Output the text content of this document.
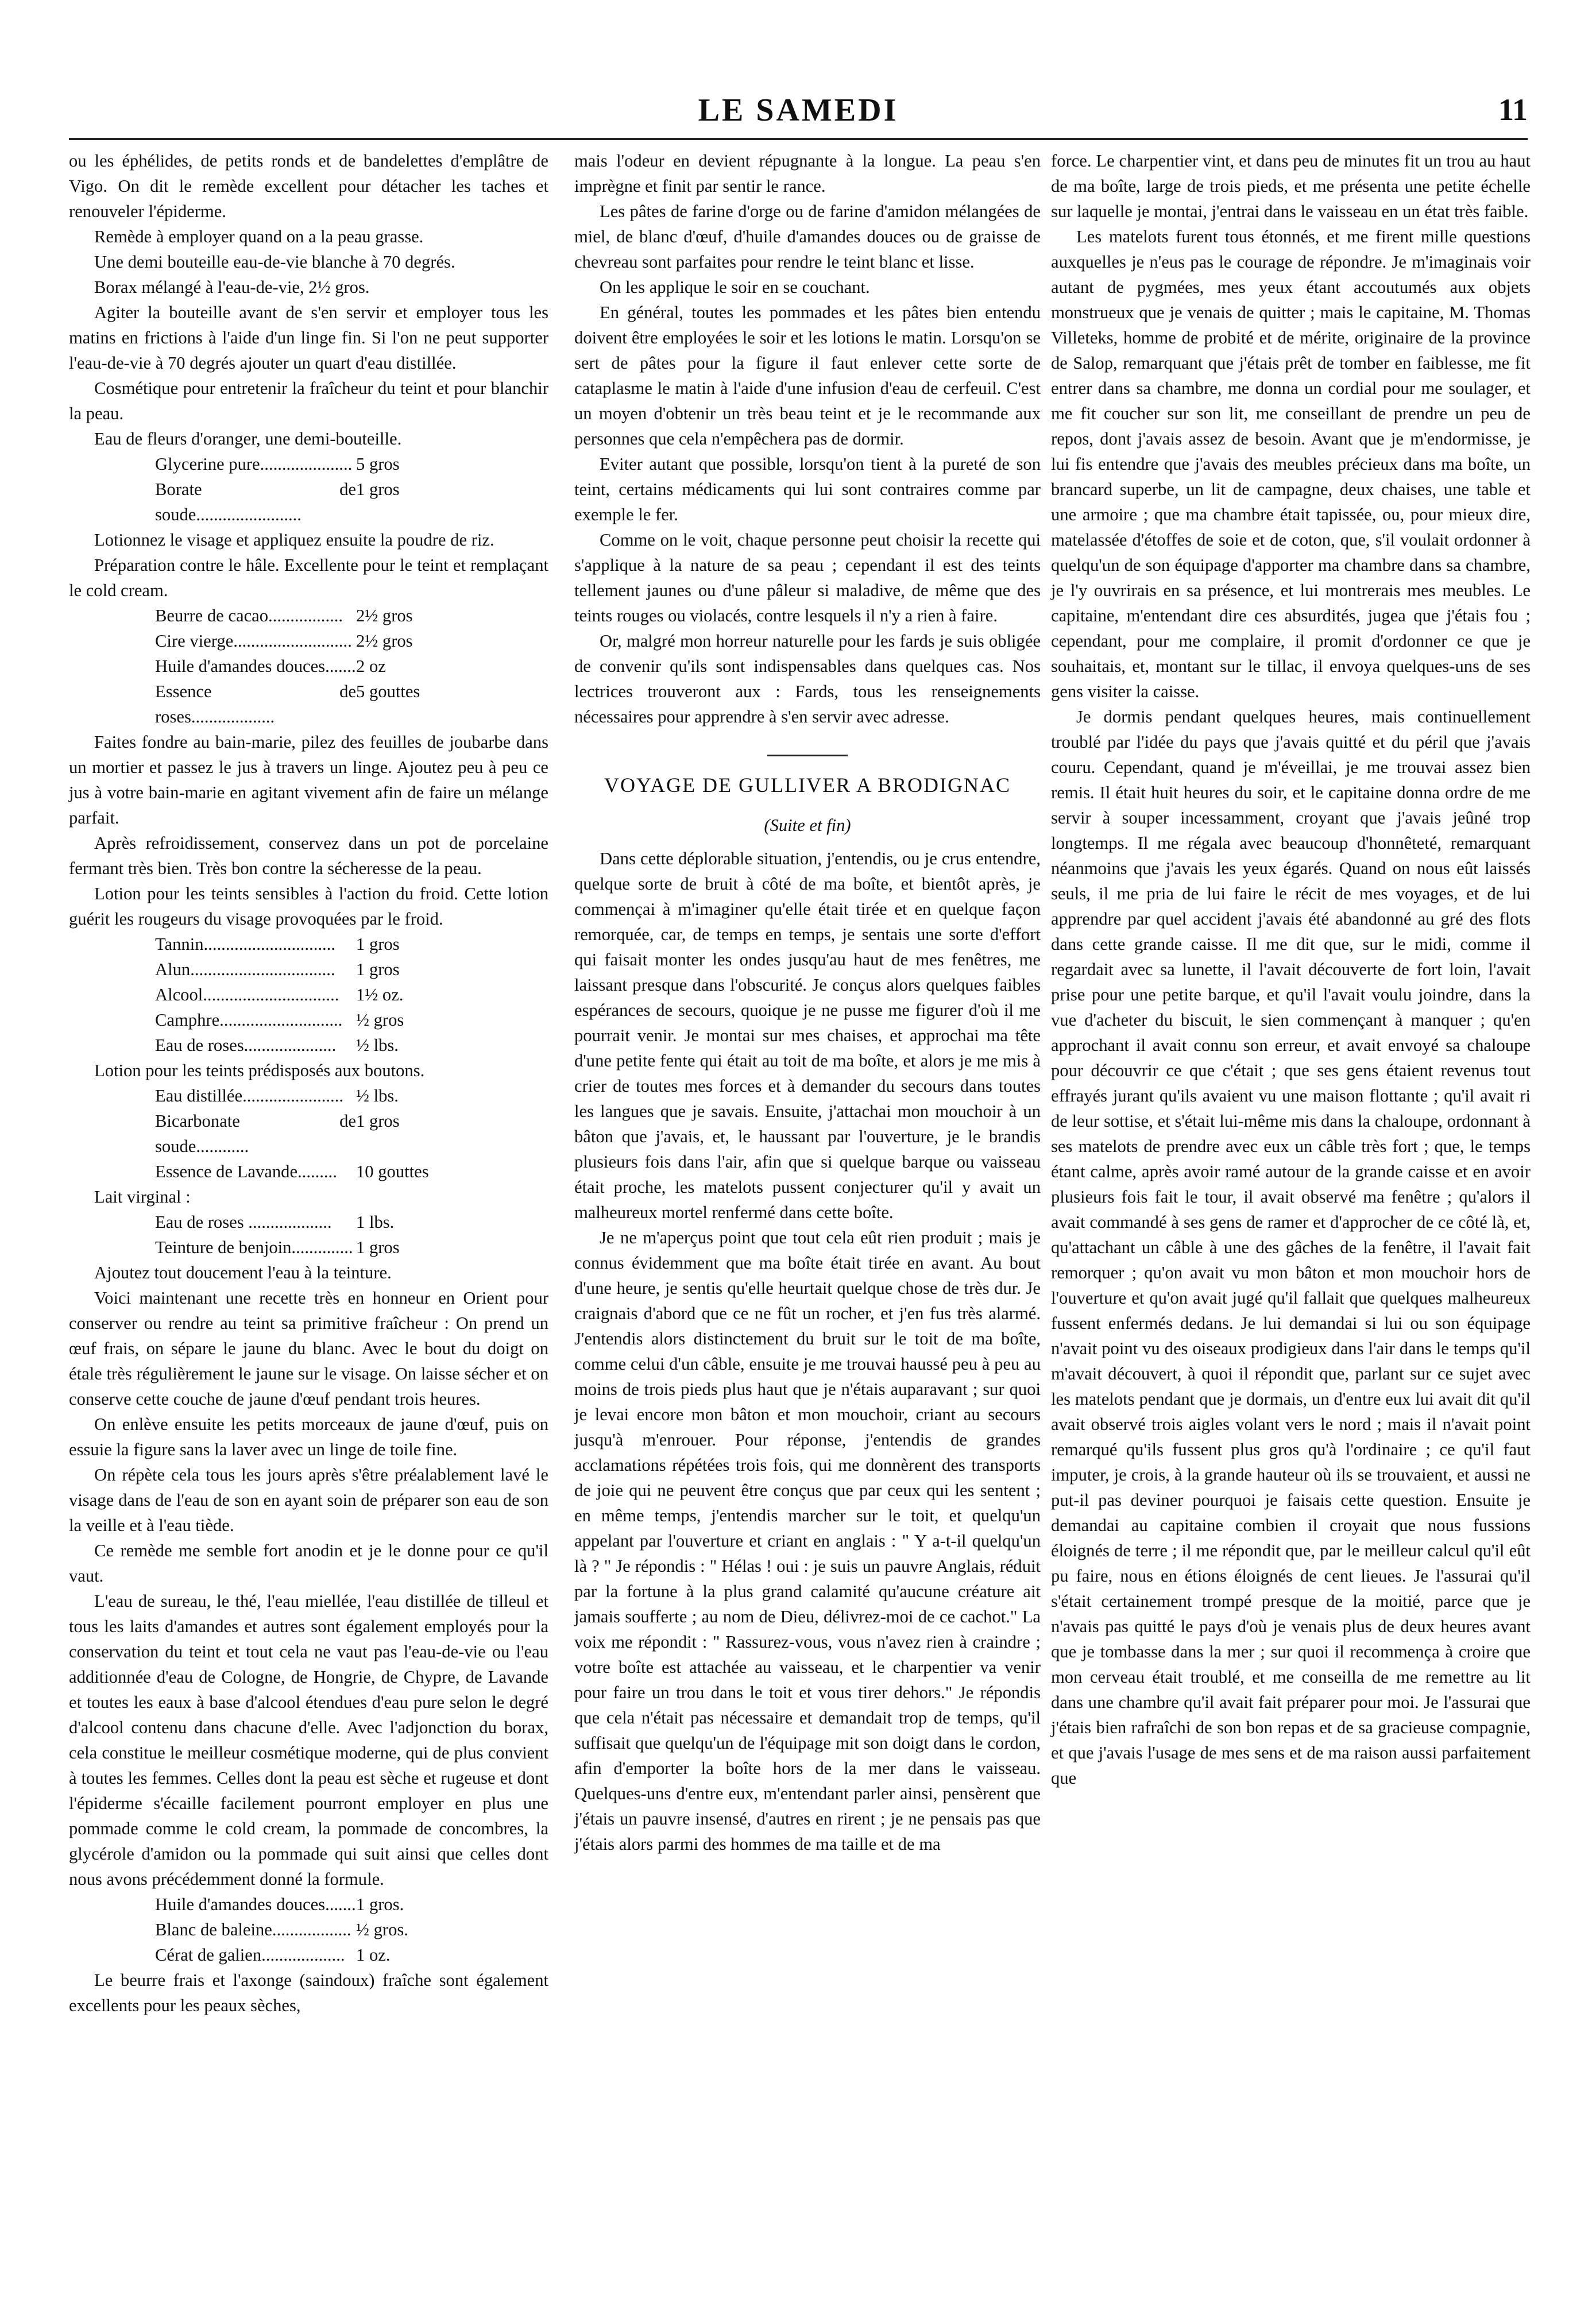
LE SAMEDI	11

ou les éphélides, de petits ronds et de bandelettes d'emplâtre de Vigo. On dit le remède excellent pour détacher les taches et renouveler l'épiderme.

Remède à employer quand on a la peau grasse.

Une demi bouteille eau-de-vie blanche à 70 degrés.

Borax mélangé à l'eau-de-vie, 2½ gros.

Agiter la bouteille avant de s'en servir et employer tous les matins en frictions à l'aide d'un linge fin. Si l'on ne peut supporter l'eau-de-vie à 70 degrés ajouter un quart d'eau distillée.

Cosmétique pour entretenir la fraîcheur du teint et pour blanchir la peau.

Eau de fleurs d'oranger, une demi-bouteille.

Glycerine pure..................... 5 gros
Borate de soude........................
1 gros

Lotionnez le visage et appliquez ensuite la poudre de riz.

Préparation contre le hâle. Excellente pour le teint et remplaçant le cold cream.

Beurre de cacao................. 2½ gros
Cire vierge........................... 2½ gros
Huile d'amandes douces....... 2 oz
Essence de roses...................
5 gouttes

Faites fondre au bain-marie, pilez des feuilles de joubarbe dans un mortier et passez le jus à travers un linge. Ajoutez peu à peu ce jus à votre bain-marie en agitant vivement afin de faire un mélange parfait.

Après refroidissement, conservez dans un pot de porcelaine fermant très bien. Très bon contre la sécheresse de la peau.

Lotion pour les teints sensibles à l'action du froid. Cette lotion guérit les rougeurs du visage provoquées par le froid.

Tannin.............................. 1 gros
Alun................................. 1 gros
Alcool............................... 1½ oz.
Camphre............................ ½ gros
Eau de roses..................... ½ lbs.

Lotion pour les teints prédisposés aux boutons.

Eau distillée....................... ½ lbs.
Bicarbonate de soude............
1 gros
Essence de Lavande......... 10 gouttes

Lait virginal :

Eau de roses ................... 1 lbs.
Teinture de benjoin.............. 1 gros

Ajoutez tout doucement l'eau à la teinture.

Voici maintenant une recette très en honneur en Orient pour conserver ou rendre au teint sa primitive fraîcheur : On prend un œuf frais, on sépare le jaune du blanc. Avec le bout du doigt on étale très régulièrement le jaune sur le visage. On laisse sécher et on conserve cette couche de jaune d'œuf pendant trois heures.

On enlève ensuite les petits morceaux de jaune d'œuf, puis on essuie la figure sans la laver avec un linge de toile fine.

On répète cela tous les jours après s'être préalablement lavé le visage dans de l'eau de son en ayant soin de préparer son eau de son la veille et à l'eau tiède.

Ce remède me semble fort anodin et je le donne pour ce qu'il vaut.

L'eau de sureau, le thé, l'eau miellée, l'eau distillée de tilleul et tous les laits d'amandes et autres sont également employés pour la conservation du teint et tout cela ne vaut pas l'eau-de-vie ou l'eau additionnée d'eau de Cologne, de Hongrie, de Chypre, de Lavande et toutes les eaux à base d'alcool étendues d'eau pure selon le degré d'alcool contenu dans chacune d'elle. Avec l'adjonction du borax, cela constitue le meilleur cosmétique moderne, qui de plus convient à toutes les femmes. Celles dont la peau est sèche et rugeuse et dont l'épiderme s'écaille facilement pourront employer en plus une pommade comme le cold cream, la pommade de concombres, la glycérole d'amidon ou la pommade qui suit ainsi que celles dont nous avons précédemment donné la formule.

Huile d'amandes douces....... 1 gros.
Blanc de baleine.................. ½ gros.
Cérat de galien................... 1 oz.

Le beurre frais et l'axonge (saindoux) fraîche sont également excellents pour les peaux sèches,

mais l'odeur en devient répugnante à la longue. La peau s'en imprègne et finit par sentir le rance.

Les pâtes de farine d'orge ou de farine d'amidon mélangées de miel, de blanc d'œuf, d'huile d'amandes douces ou de graisse de chevreau sont parfaites pour rendre le teint blanc et lisse.

On les applique le soir en se couchant.

En général, toutes les pommades et les pâtes bien entendu doivent être employées le soir et les lotions le matin. Lorsqu'on se sert de pâtes pour la figure il faut enlever cette sorte de cataplasme le matin à l'aide d'une infusion d'eau de cerfeuil. C'est un moyen d'obtenir un très beau teint et je le recommande aux personnes que cela n'empêchera pas de dormir.

Eviter autant que possible, lorsqu'on tient à la pureté de son teint, certains médicaments qui lui sont contraires comme par exemple le fer.

Comme on le voit, chaque personne peut choisir la recette qui s'applique à la nature de sa peau ; cependant il est des teints tellement jaunes ou d'une pâleur si maladive, de même que des teints rouges ou violacés, contre lesquels il n'y a rien à faire.

Or, malgré mon horreur naturelle pour les fards je suis obligée de convenir qu'ils sont indispensables dans quelques cas. Nos lectrices trouveront aux : Fards, tous les renseignements nécessaires pour apprendre à s'en servir avec adresse.

VOYAGE DE GULLIVER A BRODIGNAC
(Suite et fin)

Dans cette déplorable situation, j'entendis, ou je crus entendre, quelque sorte de bruit à côté de ma boîte, et bientôt après, je commençai à m'imaginer qu'elle était tirée et en quelque façon remorquée, car, de temps en temps, je sentais une sorte d'effort qui faisait monter les ondes jusqu'au haut de mes fenêtres, me laissant presque dans l'obscurité. Je conçus alors quelques faibles espérances de secours, quoique je ne pusse me figurer d'où il me pourrait venir. Je montai sur mes chaises, et approchai ma tête d'une petite fente qui était au toit de ma boîte, et alors je me mis à crier de toutes mes forces et à demander du secours dans toutes les langues que je savais. Ensuite, j'attachai mon mouchoir à un bâton que j'avais, et, le haussant par l'ouverture, je le brandis plusieurs fois dans l'air, afin que si quelque barque ou vaisseau était proche, les matelots pussent conjecturer qu'il y avait un malheureux mortel renfermé dans cette boîte.

Je ne m'aperçus point que tout cela eût rien produit ; mais je connus évidemment que ma boîte était tirée en avant. Au bout d'une heure, je sentis qu'elle heurtait quelque chose de très dur. Je craignais d'abord que ce ne fût un rocher, et j'en fus très alarmé. J'entendis alors distinctement du bruit sur le toit de ma boîte, comme celui d'un câble, ensuite je me trouvai haussé peu à peu au moins de trois pieds plus haut que je n'étais auparavant ; sur quoi je levai encore mon bâton et mon mouchoir, criant au secours jusqu'à m'enrouer. Pour réponse, j'entendis de grandes acclamations répétées trois fois, qui me donnèrent des transports de joie qui ne peuvent être conçus que par ceux qui les sentent ; en même temps, j'entendis marcher sur le toit, et quelqu'un appelant par l'ouverture et criant en anglais : " Y a-t-il quelqu'un là ? " Je répondis : " Hélas ! oui : je suis un pauvre Anglais, réduit par la fortune à la plus grand calamité qu'aucune créature ait jamais soufferte ; au nom de Dieu, délivrez-moi de ce cachot." La voix me répondit : " Rassurez-vous, vous n'avez rien à craindre ; votre boîte est attachée au vaisseau, et le charpentier va venir pour faire un trou dans le toit et vous tirer dehors." Je répondis que cela n'était pas nécessaire et demandait trop de temps, qu'il suffisait que quelqu'un de l'équipage mit son doigt dans le cordon, afin d'emporter la boîte hors de la mer dans le vaisseau. Quelques-uns d'entre eux, m'entendant parler ainsi, pensèrent que j'étais un pauvre insensé, d'autres en rirent ; je ne pensais pas que j'étais alors parmi des hommes de ma taille et de ma

force. Le charpentier vint, et dans peu de minutes fit un trou au haut de ma boîte, large de trois pieds, et me présenta une petite échelle sur laquelle je montai, j'entrai dans le vaisseau en un état très faible.

Les matelots furent tous étonnés, et me firent mille questions auxquelles je n'eus pas le courage de répondre. Je m'imaginais voir autant de pygmées, mes yeux étant accoutumés aux objets monstrueux que je venais de quitter ; mais le capitaine, M. Thomas Villeteks, homme de probité et de mérite, originaire de la province de Salop, remarquant que j'étais prêt de tomber en faiblesse, me fit entrer dans sa chambre, me donna un cordial pour me soulager, et me fit coucher sur son lit, me conseillant de prendre un peu de repos, dont j'avais assez de besoin. Avant que je m'endormisse, je lui fis entendre que j'avais des meubles précieux dans ma boîte, un brancard superbe, un lit de campagne, deux chaises, une table et une armoire ; que ma chambre était tapissée, ou, pour mieux dire, matelassée d'étoffes de soie et de coton, que, s'il voulait ordonner à quelqu'un de son équipage d'apporter ma chambre dans sa chambre, je l'y ouvrirais en sa présence, et lui montrerais mes meubles. Le capitaine, m'entendant dire ces absurdités, jugea que j'étais fou ; cependant, pour me complaire, il promit d'ordonner ce que je souhaitais, et, montant sur le tillac, il envoya quelques-uns de ses gens visiter la caisse.

Je dormis pendant quelques heures, mais continuellement troublé par l'idée du pays que j'avais quitté et du péril que j'avais couru. Cependant, quand je m'éveillai, je me trouvai assez bien remis. Il était huit heures du soir, et le capitaine donna ordre de me servir à souper incessamment, croyant que j'avais jeûné trop longtemps. Il me régala avec beaucoup d'honnêteté, remarquant néanmoins que j'avais les yeux égarés. Quand on nous eût laissés seuls, il me pria de lui faire le récit de mes voyages, et de lui apprendre par quel accident j'avais été abandonné au gré des flots dans cette grande caisse. Il me dit que, sur le midi, comme il regardait avec sa lunette, il l'avait découverte de fort loin, l'avait prise pour une petite barque, et qu'il l'avait voulu joindre, dans la vue d'acheter du biscuit, le sien commençant à manquer ; qu'en approchant il avait connu son erreur, et avait envoyé sa chaloupe pour découvrir ce que c'était ; que ses gens étaient revenus tout effrayés jurant qu'ils avaient vu une maison flottante ; qu'il avait ri de leur sottise, et s'était lui-même mis dans la chaloupe, ordonnant à ses matelots de prendre avec eux un câble très fort ; que, le temps étant calme, après avoir ramé autour de la grande caisse et en avoir plusieurs fois fait le tour, il avait observé ma fenêtre ; qu'alors il avait commandé à ses gens de ramer et d'approcher de ce côté là, et, qu'attachant un câble à une des gâches de la fenêtre, il l'avait fait remorquer ; qu'on avait vu mon bâton et mon mouchoir hors de l'ouverture et qu'on avait jugé qu'il fallait que quelques malheureux fussent enfermés dedans. Je lui demandai si lui ou son équipage n'avait point vu des oiseaux prodigieux dans l'air dans le temps qu'il m'avait découvert, à quoi il répondit que, parlant sur ce sujet avec les matelots pendant que je dormais, un d'entre eux lui avait dit qu'il avait observé trois aigles volant vers le nord ; mais il n'avait point remarqué qu'ils fussent plus gros qu'à l'ordinaire ; ce qu'il faut imputer, je crois, à la grande hauteur où ils se trouvaient, et aussi ne put-il pas deviner pourquoi je faisais cette question. Ensuite je demandai au capitaine combien il croyait que nous fussions éloignés de terre ; il me répondit que, par le meilleur calcul qu'il eût pu faire, nous en étions éloignés de cent lieues. Je l'assurai qu'il s'était certainement trompé presque de la moitié, parce que je n'avais pas quitté le pays d'où je venais plus de deux heures avant que je tombasse dans la mer ; sur quoi il recommença à croire que mon cerveau était troublé, et me conseilla de me remettre au lit dans une chambre qu'il avait fait préparer pour moi. Je l'assurai que j'étais bien rafraîchi de son bon repas et de sa gracieuse compagnie, et que j'avais l'usage de mes sens et de ma raison aussi parfaitement que
